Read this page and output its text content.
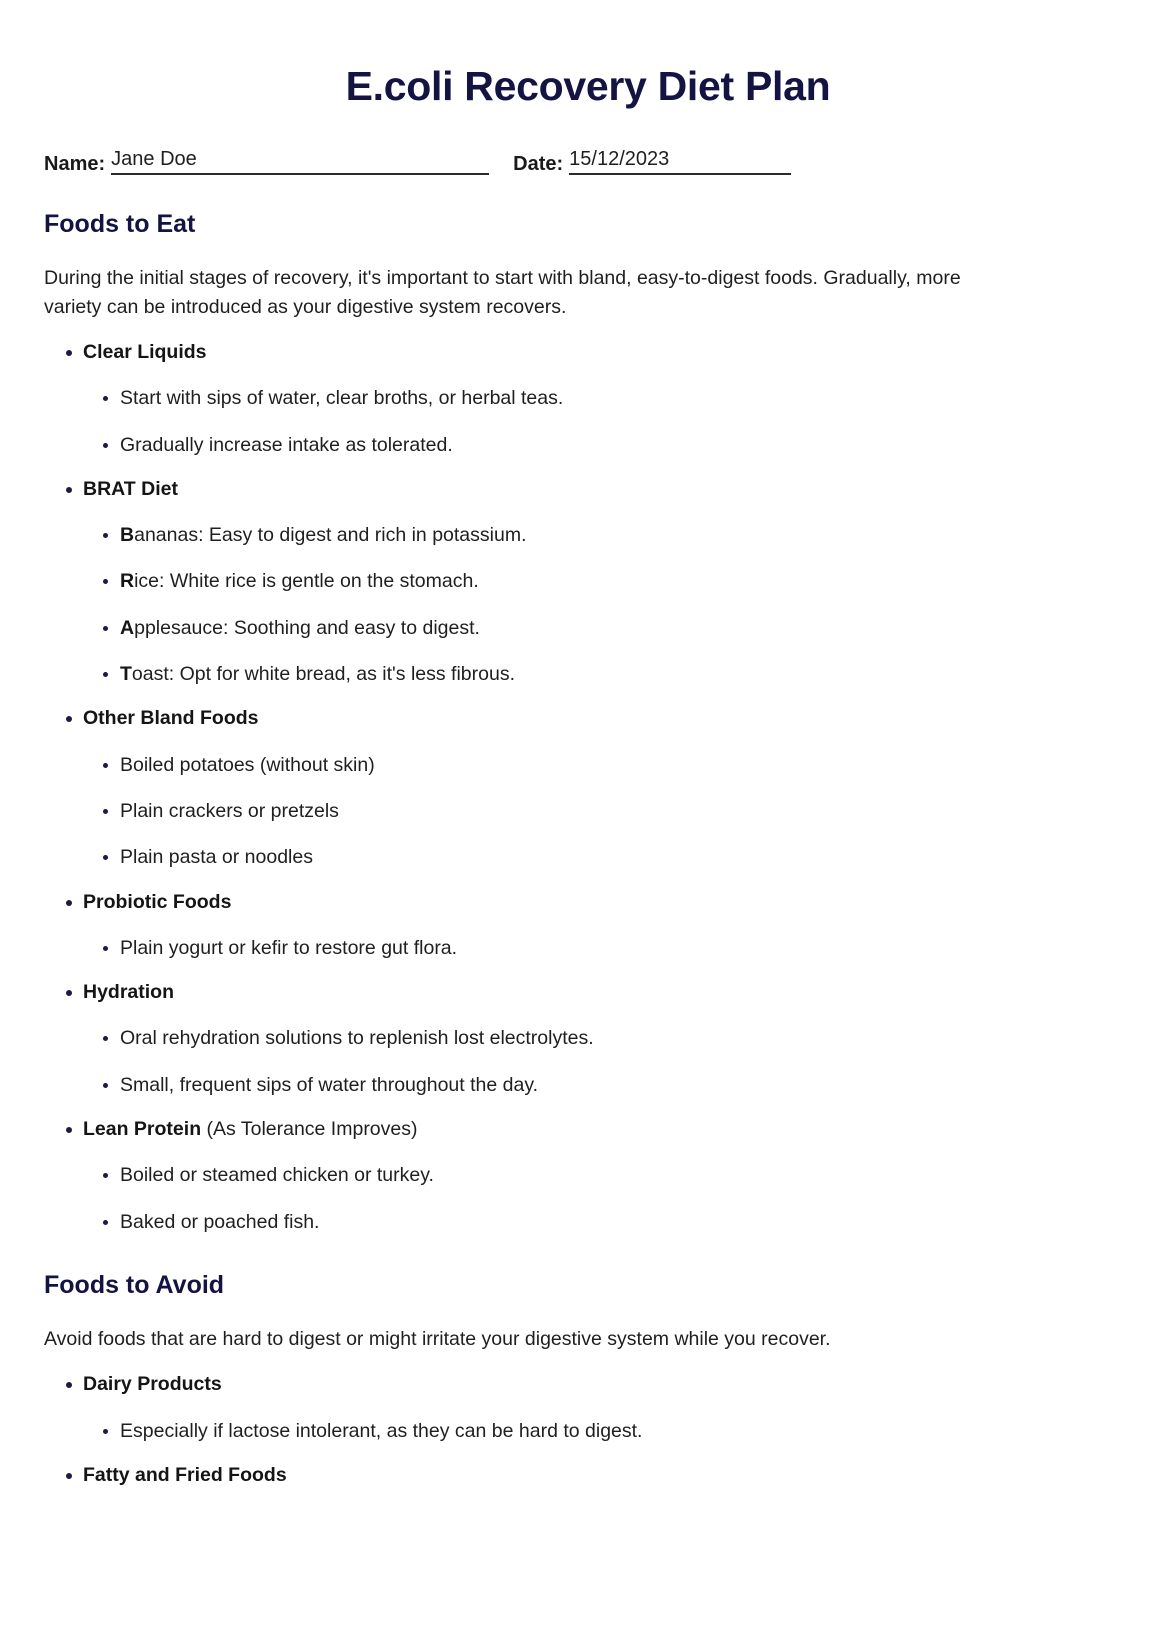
E.coli Recovery Diet Plan
Name: Jane Doe	Date: 15/12/2023
Foods to Eat

During the initial stages of recovery, it's important to start with bland, easy-to-digest foods. Gradually, more variety can be introduced as your digestive system recovers.

Clear Liquids
Start with sips of water, clear broths, or herbal teas.
Gradually increase intake as tolerated.
BRAT Diet
Bananas: Easy to digest and rich in potassium.
Rice: White rice is gentle on the stomach.
Applesauce: Soothing and easy to digest.
Toast: Opt for white bread, as it's less fibrous.
Other Bland Foods
Boiled potatoes (without skin)
Plain crackers or pretzels
Plain pasta or noodles
Probiotic Foods
Plain yogurt or kefir to restore gut flora.
Hydration
Oral rehydration solutions to replenish lost electrolytes.
Small, frequent sips of water throughout the day.
Lean Protein (As Tolerance Improves)
Boiled or steamed chicken or turkey.
Baked or poached fish.
Foods to Avoid

Avoid foods that are hard to digest or might irritate your digestive system while you recover.

Dairy Products
Especially if lactose intolerant, as they can be hard to digest.
Fatty and Fried Foods
